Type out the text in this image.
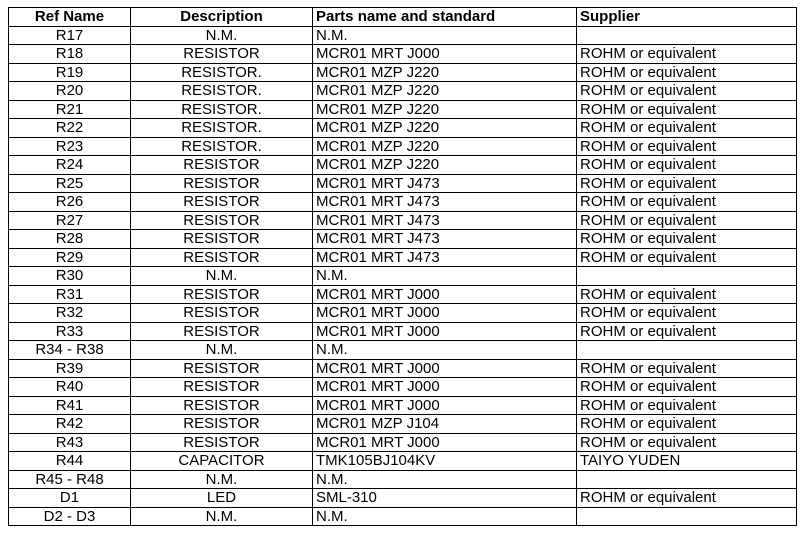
Ref Name	Description	Parts name and standard	Supplier
R17	N.M.	N.M.	
R18	RESISTOR	MCR01 MRT J000	ROHM or equivalent
R19	RESISTOR.	MCR01 MZP J220	ROHM or equivalent
R20	RESISTOR.	MCR01 MZP J220	ROHM or equivalent
R21	RESISTOR.	MCR01 MZP J220	ROHM or equivalent
R22	RESISTOR.	MCR01 MZP J220	ROHM or equivalent
R23	RESISTOR.	MCR01 MZP J220	ROHM or equivalent
R24	RESISTOR	MCR01 MZP J220	ROHM or equivalent
R25	RESISTOR	MCR01 MRT J473	ROHM or equivalent
R26	RESISTOR	MCR01 MRT J473	ROHM or equivalent
R27	RESISTOR	MCR01 MRT J473	ROHM or equivalent
R28	RESISTOR	MCR01 MRT J473	ROHM or equivalent
R29	RESISTOR	MCR01 MRT J473	ROHM or equivalent
R30	N.M.	N.M.	
R31	RESISTOR	MCR01 MRT J000	ROHM or equivalent
R32	RESISTOR	MCR01 MRT J000	ROHM or equivalent
R33	RESISTOR	MCR01 MRT J000	ROHM or equivalent
R34 - R38	N.M.	N.M.	
R39	RESISTOR	MCR01 MRT J000	ROHM or equivalent
R40	RESISTOR	MCR01 MRT J000	ROHM or equivalent
R41	RESISTOR	MCR01 MRT J000	ROHM or equivalent
R42	RESISTOR	MCR01 MZP J104	ROHM or equivalent
R43	RESISTOR	MCR01 MRT J000	ROHM or equivalent
R44	CAPACITOR	TMK105BJ104KV	TAIYO YUDEN
R45 - R48	N.M.	N.M.	
D1	LED	SML-310	ROHM or equivalent
D2 - D3	N.M.	N.M.	
